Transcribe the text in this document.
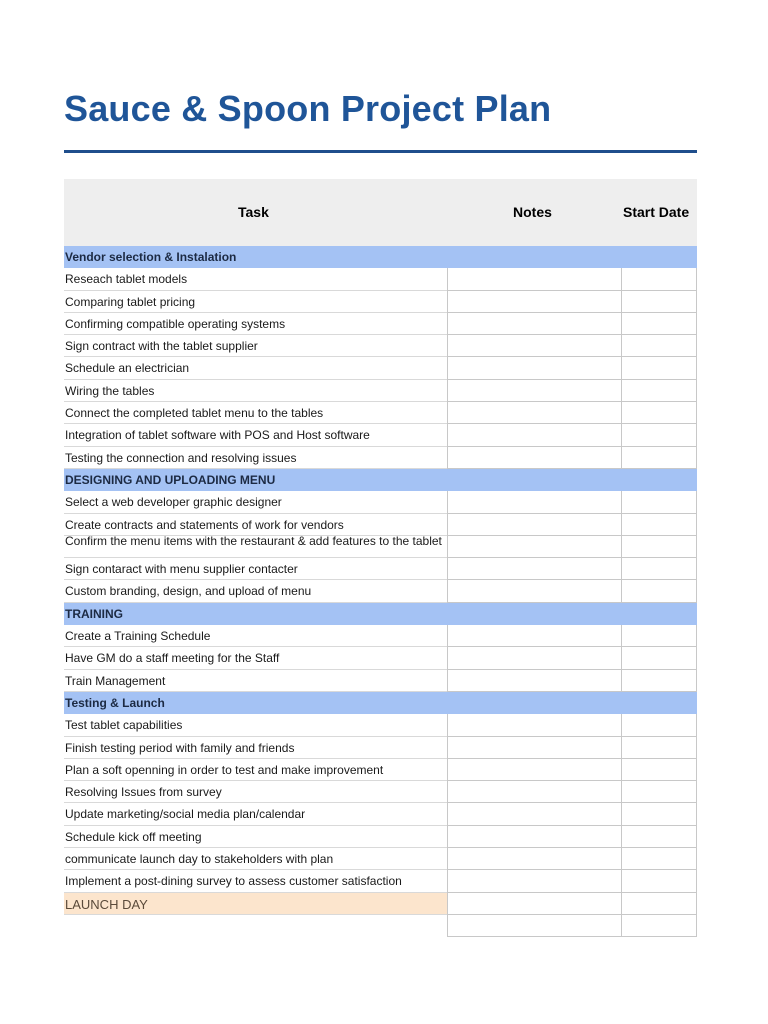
Sauce & Spoon Project Plan
Task	Notes	Start Date
Vendor selection & Instalation
Reseach tablet models
Comparing tablet pricing
Confirming compatible operating systems
Sign contract with the tablet supplier
Schedule an electrician
Wiring the tables
Connect the completed tablet menu to the tables
Integration of tablet software with POS and Host software
Testing the connection and resolving issues
DESIGNING AND UPLOADING MENU
Select a web developer graphic designer
Create contracts and statements of work for vendors
Confirm the menu items with the restaurant & add features to the tablet
Sign contaract with menu supplier contacter
Custom branding, design, and upload of menu
TRAINING
Create a Training Schedule
Have GM do a staff meeting for the Staff
Train Management
Testing & Launch
Test tablet capabilities
Finish testing period with family and friends
Plan a soft openning in order to test and make improvement
Resolving Issues from survey
Update marketing/social media plan/calendar
Schedule kick off meeting
communicate launch day to stakeholders with plan
Implement a post-dining survey to assess customer satisfaction
LAUNCH DAY
